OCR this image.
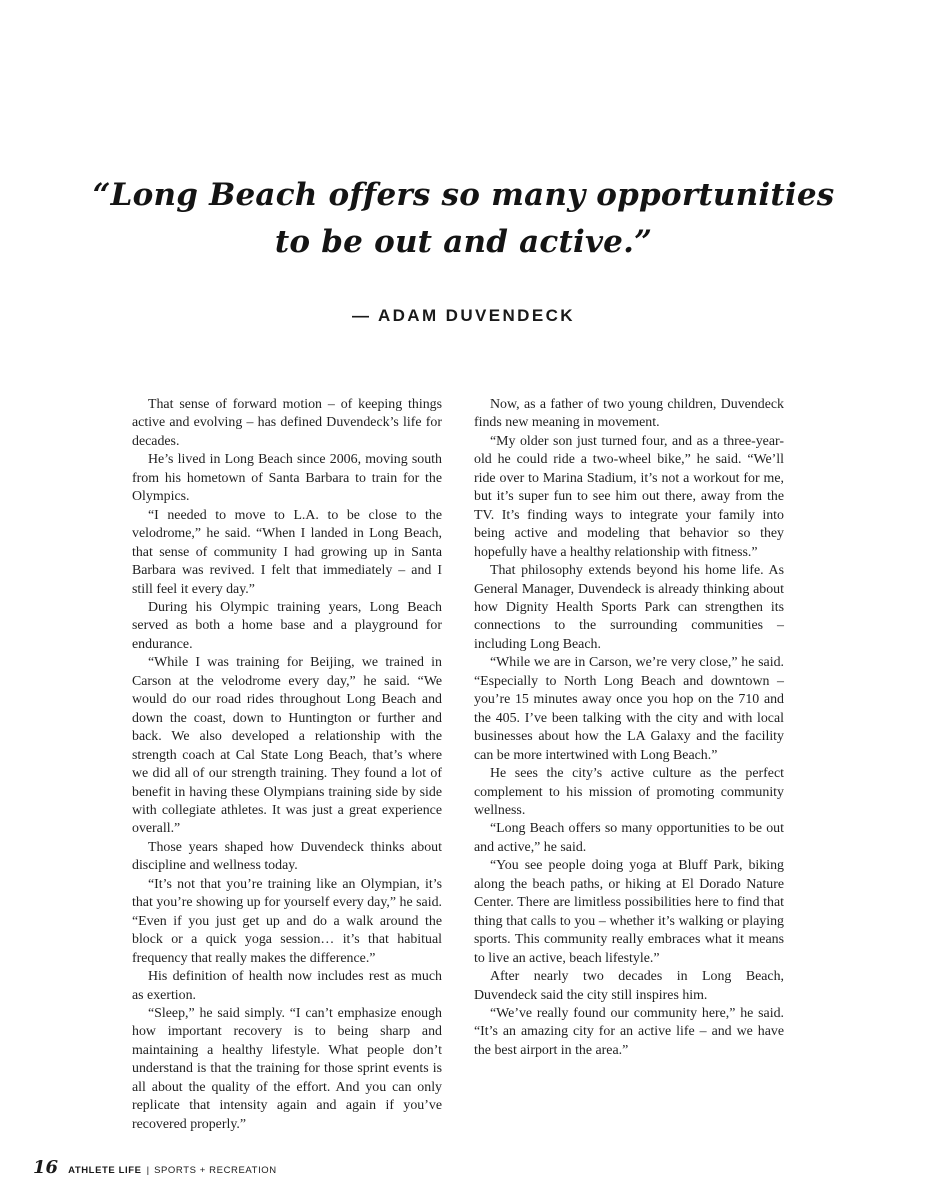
“Long Beach offers so many opportunities
to be out and active.”

— ADAM DUVENDECK

That sense of forward motion – of keeping things active and evolving – has defined Duvendeck’s life for decades.

He’s lived in Long Beach since 2006, moving south from his hometown of Santa Barbara to train for the Olympics.

“I needed to move to L.A. to be close to the velodrome,” he said. “When I landed in Long Beach, that sense of community I had growing up in Santa Barbara was revived. I felt that immediately – and I still feel it every day.”

During his Olympic training years, Long Beach served as both a home base and a playground for endurance.

“While I was training for Beijing, we trained in Carson at the velodrome every day,” he said. “We would do our road rides throughout Long Beach and down the coast, down to Huntington or further and back. We also developed a relationship with the strength coach at Cal State Long Beach, that’s where we did all of our strength training. They found a lot of benefit in having these Olympians training side by side with collegiate athletes. It was just a great experience overall.”

Those years shaped how Duvendeck thinks about discipline and wellness today.

“It’s not that you’re training like an Olympian, it’s that you’re showing up for yourself every day,” he said. “Even if you just get up and do a walk around the block or a quick yoga session… it’s that habitual frequency that really makes the difference.”

His definition of health now includes rest as much as exertion.

“Sleep,” he said simply. “I can’t emphasize enough how important recovery is to being sharp and maintaining a healthy lifestyle. What people don’t understand is that the training for those sprint events is all about the quality of the effort. And you can only replicate that intensity again and again if you’ve recovered properly.”

Now, as a father of two young children, Duvendeck finds new meaning in movement.

“My older son just turned four, and as a three-year-old he could ride a two-wheel bike,” he said. “We’ll ride over to Marina Stadium, it’s not a workout for me, but it’s super fun to see him out there, away from the TV. It’s finding ways to integrate your family into being active and modeling that behavior so they hopefully have a healthy relationship with fitness.”

That philosophy extends beyond his home life. As General Manager, Duvendeck is already thinking about how Dignity Health Sports Park can strengthen its connections to the surrounding communities – including Long Beach.

“While we are in Carson, we’re very close,” he said. “Especially to North Long Beach and downtown – you’re 15 minutes away once you hop on the 710 and the 405. I’ve been talking with the city and with local businesses about how the LA Galaxy and the facility can be more intertwined with Long Beach.”

He sees the city’s active culture as the perfect complement to his mission of promoting community wellness.

“Long Beach offers so many opportunities to be out and active,” he said.

“You see people doing yoga at Bluff Park, biking along the beach paths, or hiking at El Dorado Nature Center. There are limitless possibilities here to find that thing that calls to you – whether it’s walking or playing sports. This community really embraces what it means to live an active, beach lifestyle.”

After nearly two decades in Long Beach, Duvendeck said the city still inspires him.

“We’ve really found our community here,” he said. “It’s an amazing city for an active life – and we have the best airport in the area.”

16 ATHLETE LIFE | SPORTS + RECREATION
